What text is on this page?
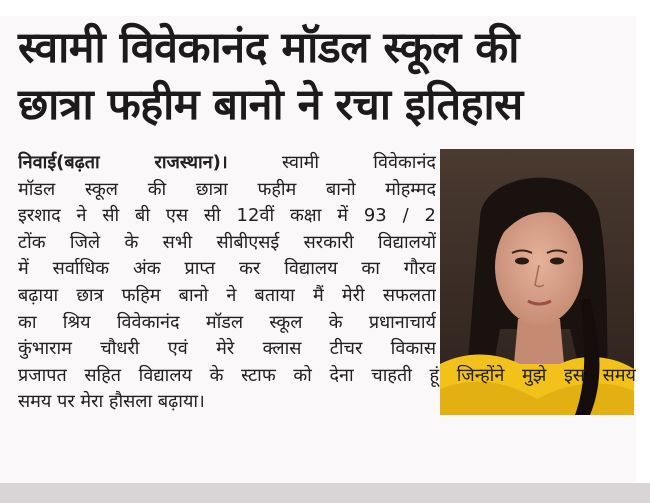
स्वामी विवेकानंद मॉडल स्कूल की
छात्रा फहीम बानो ने रचा इतिहास
निवाई(बढ़ता राजस्थान)।	स्वामी विवेकानंद
मॉडल स्कूल की छात्रा फहीम बानो मोहम्मद
इरशाद ने सी बी एस सी 12वीं कक्षा में 93 / 2
टोंक जिले के सभी सीबीएसई सरकारी विद्यालयों
में सर्वाधिक अंक प्राप्त कर विद्यालय का गौरव
बढ़ाया छात्र फहिम बानो ने बताया मैं मेरी सफलता
का श्रिय विवेकानंद मॉडल स्कूल के प्रधानाचार्य
कुंभाराम चौधरी एवं मेरे क्लास टीचर विकास
प्रजापत सहित विद्यालय के स्टाफ को देना चाहती हूं जिन्होंने मुझे इस समय
समय पर मेरा हौसला बढ़ाया।
